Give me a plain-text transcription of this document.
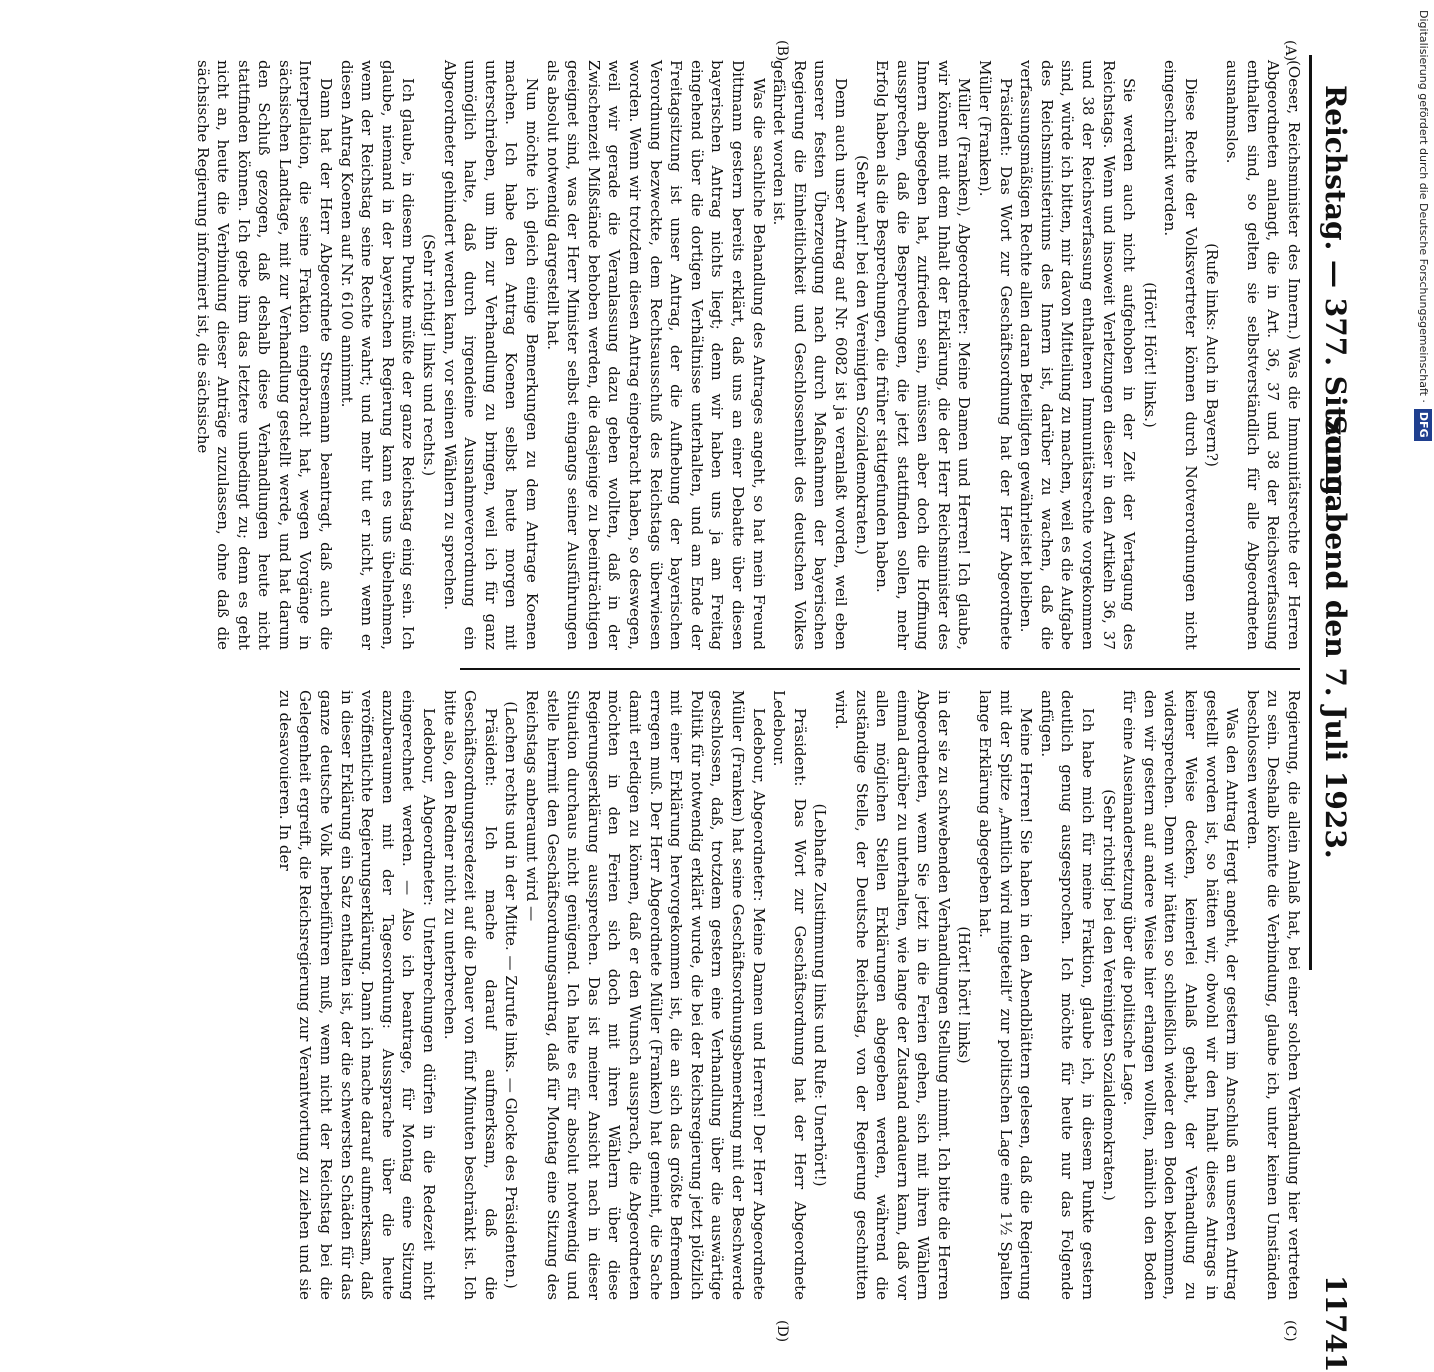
Reichstag. — 377. Sitzung.
Sonnabend den 7. Juli 1923.
11741
(A)
(B)
(C)
(D)

(Oeser, Reichsminister des Innern.) Was die Immunitätsrechte der Herren Abgeordneten anlangt, die in Art. 36, 37 und 38 der Reichsverfassung enthalten sind, so gelten sie selbstverständlich für alle Abgeordneten ausnahmslos.

(Rufe links: Auch in Bayern?)

Diese Rechte der Volksvertreter können durch Notverordnungen nicht eingeschränkt werden.

(Hört! Hört! links.)

Sie werden auch nicht aufgehoben in der Zeit der Vertagung des Reichstags. Wenn und insoweit Verletzungen dieser in den Artikeln 36, 37 und 38 der Reichsverfassung enthaltenen Immunitätsrechte vorgekommen sind, würde ich bitten, mir davon Mitteilung zu machen, weil es die Aufgabe des Reichsministeriums des Innern ist, darüber zu wachen, daß die verfassungsmäßigen Rechte allen daran Beteiligten gewährleistet bleiben.

Präsident: Das Wort zur Geschäftsordnung hat der Herr Abgeordnete Müller (Franken).

Müller (Franken), Abgeordneter: Meine Damen und Herren! Ich glaube, wir können mit dem Inhalt der Erklärung, die der Herr Reichsminister des Innern abgegeben hat, zufrieden sein, müssen aber doch die Hoffnung aussprechen, daß die Besprechungen, die jetzt stattfinden sollen, mehr Erfolg haben als die Besprechungen, die früher stattgefunden haben.

(Sehr wahr! bei den Vereinigten Sozialdemokraten.)

Denn auch unser Antrag auf Nr. 6082 ist ja veranlaßt worden, weil eben unserer festen Überzeugung nach durch Maßnahmen der bayerischen Regierung die Einheitlichkeit und Geschlossenheit des deutschen Volkes gefährdet worden ist.

Was die sachliche Behandlung des Antrages angeht, so hat mein Freund Dittmann gestern bereits erklärt, daß uns an einer Debatte über diesen bayerischen Antrag nichts liegt; denn wir haben uns ja am Freitag eingehend über die dortigen Verhältnisse unterhalten, und am Ende der Freitagsitzung ist unser Antrag, der die Aufhebung der bayerischen Verordnung bezweckte, dem Rechtsausschuß des Reichstags überwiesen worden. Wenn wir trotzdem diesen Antrag eingebracht haben, so deswegen, weil wir gerade die Veranlassung dazu geben wollten, daß in der Zwischenzeit Mißstände behoben werden, die dasjenige zu beeinträchtigen geeignet sind, was der Herr Minister selbst eingangs seiner Ausführungen als absolut notwendig dargestellt hat.

Nun möchte ich gleich einige Bemerkungen zu dem Antrage Koenen machen. Ich habe den Antrag Koenen selbst heute morgen mit unterschrieben, um ihn zur Verhandlung zu bringen, weil ich für ganz unmöglich halte, daß durch irgendeine Ausnahmeverordnung ein Abgeordneter gehindert werden kann, vor seinen Wählern zu sprechen.

(Sehr richtig! links und rechts.)

Ich glaube, in diesem Punkte müßte der ganze Reichstag einig sein. Ich glaube, niemand in der bayerischen Regierung kann es uns übelnehmen, wenn der Reichstag seine Rechte wahrt; und mehr tut er nicht, wenn er diesen Antrag Koenen auf Nr. 6100 annimmt.

Dann hat der Herr Abgeordnete Stresemann beantragt, daß auch die Interpellation, die seine Fraktion eingebracht hat, wegen Vorgänge in sächsischen Landtage, mit zur Verhandlung gestellt werde, und hat darum den Schluß gezogen, daß deshalb diese Verhandlungen heute nicht stattfinden können. Ich gebe ihm das letztere unbedingt zu; denn es geht nicht an, heute die Verbindung dieser Anträge zuzulassen, ohne daß die sächsische Regierung informiert ist, die sächsische

Regierung, die allein Anlaß hat, bei einer solchen Verhandlung hier vertreten zu sein. Deshalb könnte die Verbindung, glaube ich, unter keinen Umständen beschlossen werden.

Was den Antrag Hergt angeht, der gestern im Anschluß an unseren Antrag gestellt worden ist, so hätten wir, obwohl wir den Inhalt dieses Antrags in keiner Weise decken, keinerlei Anlaß gehabt, der Verhandlung zu widersprechen. Denn wir hätten so schließlich wieder den Boden bekommen, den wir gestern auf andere Weise hier erlangen wollten, nämlich den Boden für eine Auseinandersetzung über die politische Lage.

(Sehr richtig! bei den Vereinigten Sozialdemokraten.)

Ich habe mich für meine Fraktion, glaube ich, in diesem Punkte gestern deutlich genug ausgesprochen. Ich möchte für heute nur das Folgende anfügen.

Meine Herren! Sie haben in den Abendblättern gelesen, daß die Regierung mit der Spitze „Amtlich wird mitgeteilt“ zur politischen Lage eine 1½ Spalten lange Erklärung abgegeben hat.

(Hört! hört! links)

in der sie zu schwebenden Verhandlungen Stellung nimmt. Ich bitte die Herren Abgeordneten, wenn Sie jetzt in die Ferien gehen, sich mit ihren Wählern einmal darüber zu unterhalten, wie lange der Zustand andauern kann, daß vor allen möglichen Stellen Erklärungen abgegeben werden, während die zuständige Stelle, der Deutsche Reichstag, von der Regierung geschnitten wird.

(Lebhafte Zustimmung links und Rufe: Unerhört!)

Präsident: Das Wort zur Geschäftsordnung hat der Herr Abgeordnete Ledebour.

Ledebour, Abgeordneter: Meine Damen und Herren! Der Herr Abgeordnete Müller (Franken) hat seine Geschäftsordnungsbemerkung mit der Beschwerde geschlossen, daß, trotzdem gestern eine Verhandlung über die auswärtige Politik für notwendig erklärt wurde, die bei der Reichsregierung jetzt plötzlich mit einer Erklärung hervorgekommen ist, die an sich das größte Befremden erregen muß. Der Herr Abgeordnete Müller (Franken) hat gemeint, die Sache damit erledigen zu können, daß er den Wunsch aussprach, die Abgeordneten möchten in den Ferien sich doch mit ihren Wählern über diese Regierungserklärung aussprechen. Das ist meiner Ansicht nach in dieser Situation durchaus nicht genügend. Ich halte es für absolut notwendig und stelle hiermit den Geschäftsordnungsantrag, daß für Montag eine Sitzung des Reichstags anberaumt wird —

(Lachen rechts und in der Mitte. — Zurufe links. — Glocke des Präsidenten.)

Präsident: Ich mache darauf aufmerksam, daß die Geschäftsordnungsredezeit auf die Dauer von fünf Minuten beschränkt ist. Ich bitte also, den Redner nicht zu unterbrechen.

Ledebour, Abgeordneter: Unterbrechungen dürfen in die Redezeit nicht eingerechnet werden. — Also ich beantrage, für Montag eine Sitzung anzuberaumen mit der Tagesordnung: Aussprache über die heute veröffentlichte Regierungserklärung. Dann ich mache darauf aufmerksam, daß in dieser Erklärung ein Satz enthalten ist, der die schwersten Schäden für das ganze deutsche Volk herbeiführen muß, wenn nicht der Reichstag bei die Gelegenheit ergreift, die Reichsregierung zur Verantwortung zu ziehen und sie zu desavouieren. In der

Digitalisierung gefördert durch die Deutsche Forschungsgemeinschaft ·DFG
